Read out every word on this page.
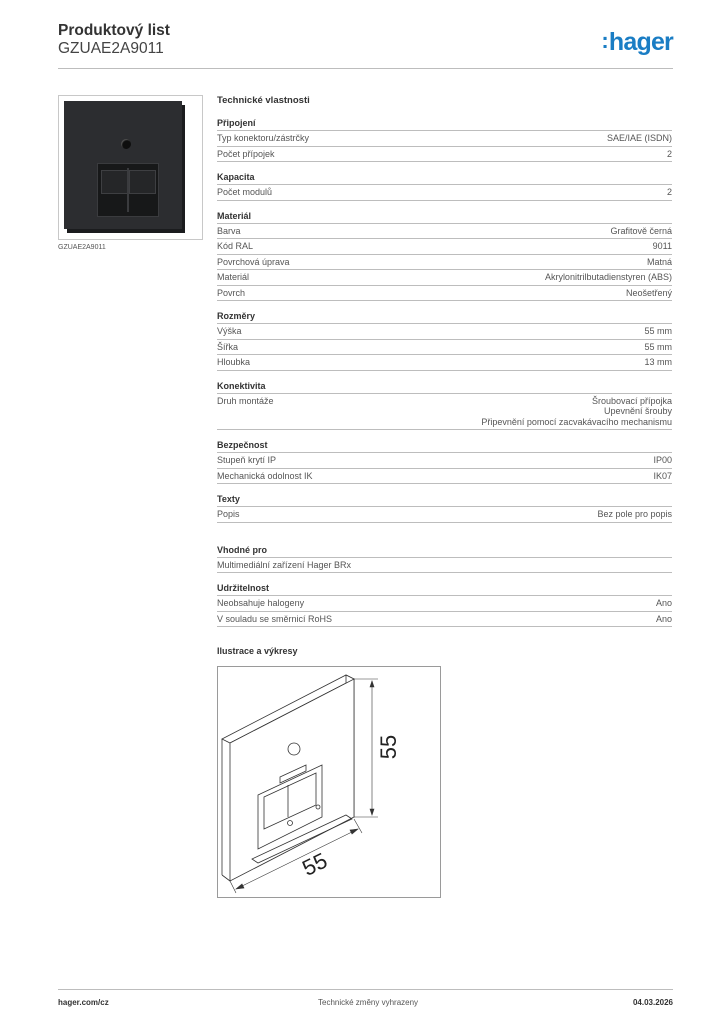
Produktový list
GZUAE2A9011	:hager
GZUAE2A9011
Technické vlastnosti
Připojení
Typ konektoru/zástrčky	SAE/IAE (ISDN)
Počet přípojek	2
Kapacita
Počet modulů	2
Materiál
Barva	Grafitově černá
Kód RAL	9011
Povrchová úprava	Matná
Materiál	Akrylonitrilbutadienstyren (ABS)
Povrch	Neošetřený
Rozměry
Výška	55 mm
Šířka	55 mm
Hloubka	13 mm
Konektivita
Druh montáže	Šroubovací přípojka
Upevnění šrouby
Připevnění pomocí zacvakávacího mechanismu
Bezpečnost
Stupeň krytí IP	IP00
Mechanická odolnost IK	IK07
Texty
Popis	Bez pole pro popis
Vhodné pro
Multimediální zařízení Hager BRx
Udržitelnost
Neobsahuje halogeny	Ano
V souladu se směrnicí RoHS	Ano
Ilustrace a výkresy
55
55
hager.com/cz	Technické změny vyhrazeny	04.03.2026
